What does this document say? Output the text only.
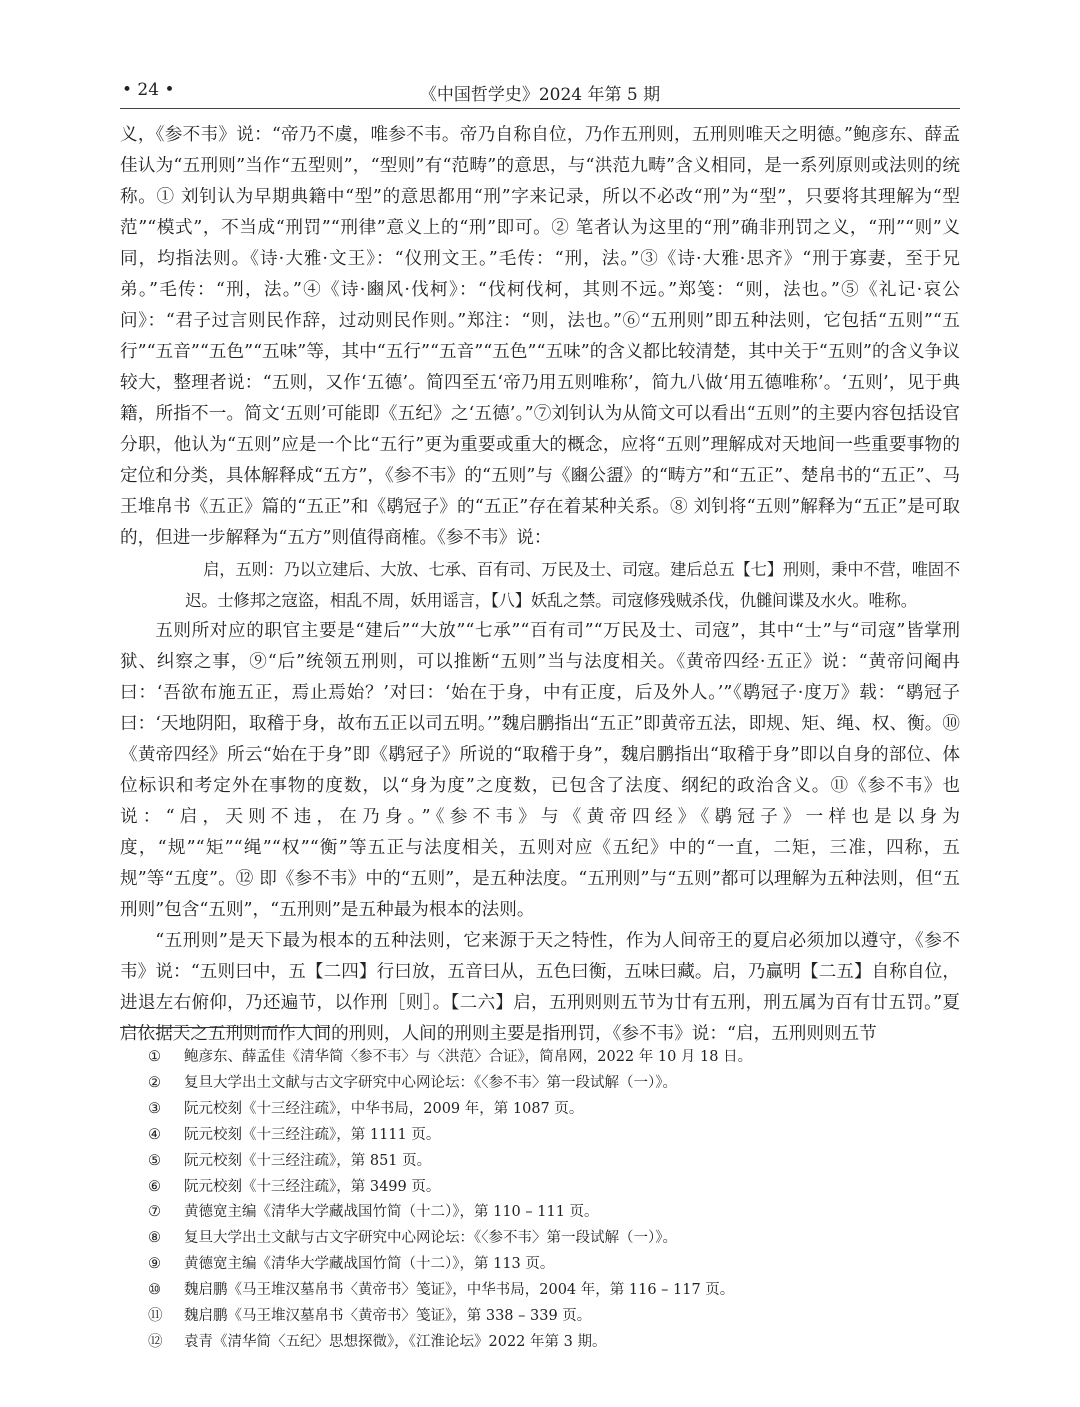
• 24 •	《中国哲学史》2024 年第 5 期

义，《参不韦》说：“帝乃不虞，唯参不韦。帝乃自称自位，乃作五刑则，五刑则唯天之明德。”鲍彦东、薛孟佳认为“五刑则”当作“五型则”，“型则”有“范畴”的意思，与“洪范九畴”含义相同，是一系列原则或法则的统称。① 刘钊认为早期典籍中“型”的意思都用“刑”字来记录，所以不必改“刑”为“型”，只要将其理解为“型范”“模式”，不当成“刑罚”“刑律”意义上的“刑”即可。② 笔者认为这里的“刑”确非刑罚之义，“刑”“则”义同，均指法则。《诗·大雅·文王》：“仪刑文王。”毛传：“刑，法。”③《诗·大雅·思齐》“刑于寡妻，至于兄弟。”毛传：“刑，法。”④《诗·豳风·伐柯》：“伐柯伐柯，其则不远。”郑笺：“则，法也。”⑤《礼记·哀公问》：“君子过言则民作辞，过动则民作则。”郑注：“则，法也。”⑥“五刑则”即五种法则，它包括“五则”“五行”“五音”“五色”“五味”等，其中“五行”“五音”“五色”“五味”的含义都比较清楚，其中关于“五则”的含义争议较大，整理者说：“五则，又作‘五德’。简四至五‘帝乃用五则唯称’，简九八做‘用五德唯称’。‘五则’，见于典籍，所指不一。简文‘五则’可能即《五纪》之‘五德’。”⑦刘钊认为从简文可以看出“五则”的主要内容包括设官分职，他认为“五则”应是一个比“五行”更为重要或重大的概念，应将“五则”理解成对天地间一些重要事物的定位和分类，具体解释成“五方”，《参不韦》的“五则”与《豳公盨》的“畴方”和“五正”、楚帛书的“五正”、马王堆帛书《五正》篇的“五正”和《鹖冠子》的“五正”存在着某种关系。⑧ 刘钊将“五则”解释为“五正”是可取的，但进一步解释为“五方”则值得商榷。《参不韦》说：

启，五则：乃以立建后、大放、七承、百有司、万民及士、司寇。建后总五【七】刑则，秉中不营，唯固不迟。士修邦之寇盗，相乱不周，妖用谣言，【八】妖乱之禁。司寇修残贼杀伐，仇雠间谍及水火。唯称。

五则所对应的职官主要是“建后”“大放”“七承”“百有司”“万民及士、司寇”，其中“士”与“司寇”皆掌刑狱、纠察之事，⑨“后”统领五刑则，可以推断“五则”当与法度相关。《黄帝四经·五正》说：“黄帝问阉冉曰：‘吾欲布施五正，焉止焉始？’对曰：‘始在于身，中有正度，后及外人。’”《鹖冠子·度万》载：“鹖冠子曰：‘天地阴阳，取稽于身，故布五正以司五明。’”魏启鹏指出“五正”即黄帝五法，即规、矩、绳、权、衡。⑩《黄帝四经》所云“始在于身”即《鹖冠子》所说的“取稽于身”，魏启鹏指出“取稽于身”即以自身的部位、体位标识和考定外在事物的度数，以“身为度”之度数，已包含了法度、纲纪的政治含义。⑪《参不韦》也说：“启，天则不违，在乃身。”《参不韦》与《黄帝四经》《鹖冠子》一样也是以身为度，“规”“矩”“绳”“权”“衡”等五正与法度相关，五则对应《五纪》中的“一直，二矩，三准，四称，五规”等“五度”。⑫ 即《参不韦》中的“五则”，是五种法度。“五刑则”与“五则”都可以理解为五种法则，但“五刑则”包含“五则”，“五刑则”是五种最为根本的法则。

“五刑则”是天下最为根本的五种法则，它来源于天之特性，作为人间帝王的夏启必须加以遵守，《参不韦》说：“五则曰中，五【二四】行曰放，五音曰从，五色曰衡，五味曰藏。启，乃赢明【二五】自称自位，进退左右俯仰，乃还遍节，以作刑［则］。【二六】启，五刑则则五节为廿有五刑，刑五属为百有廿五罚。”夏启依据天之五刑则而作人间的刑则，人间的刑则主要是指刑罚，《参不韦》说：“启，五刑则则五节

① 鲍彦东、薛孟佳《清华简〈参不韦〉与〈洪范〉合证》，简帛网，2022 年 10 月 18 日。
② 复旦大学出土文献与古文字研究中心网论坛：《〈参不韦〉第一段试解（一）》。
③ 阮元校刻《十三经注疏》，中华书局，2009 年，第 1087 页。
④ 阮元校刻《十三经注疏》，第 1111 页。
⑤ 阮元校刻《十三经注疏》，第 851 页。
⑥ 阮元校刻《十三经注疏》，第 3499 页。
⑦ 黄德宽主编《清华大学藏战国竹简（十二）》，第 110 – 111 页。
⑧ 复旦大学出土文献与古文字研究中心网论坛：《〈参不韦〉第一段试解（一）》。
⑨ 黄德宽主编《清华大学藏战国竹简（十二）》，第 113 页。
⑩ 魏启鹏《马王堆汉墓帛书〈黄帝书〉笺证》，中华书局，2004 年，第 116 – 117 页。
⑪ 魏启鹏《马王堆汉墓帛书〈黄帝书〉笺证》，第 338 – 339 页。
⑫ 袁青《清华简〈五纪〉思想探微》，《江淮论坛》2022 年第 3 期。
